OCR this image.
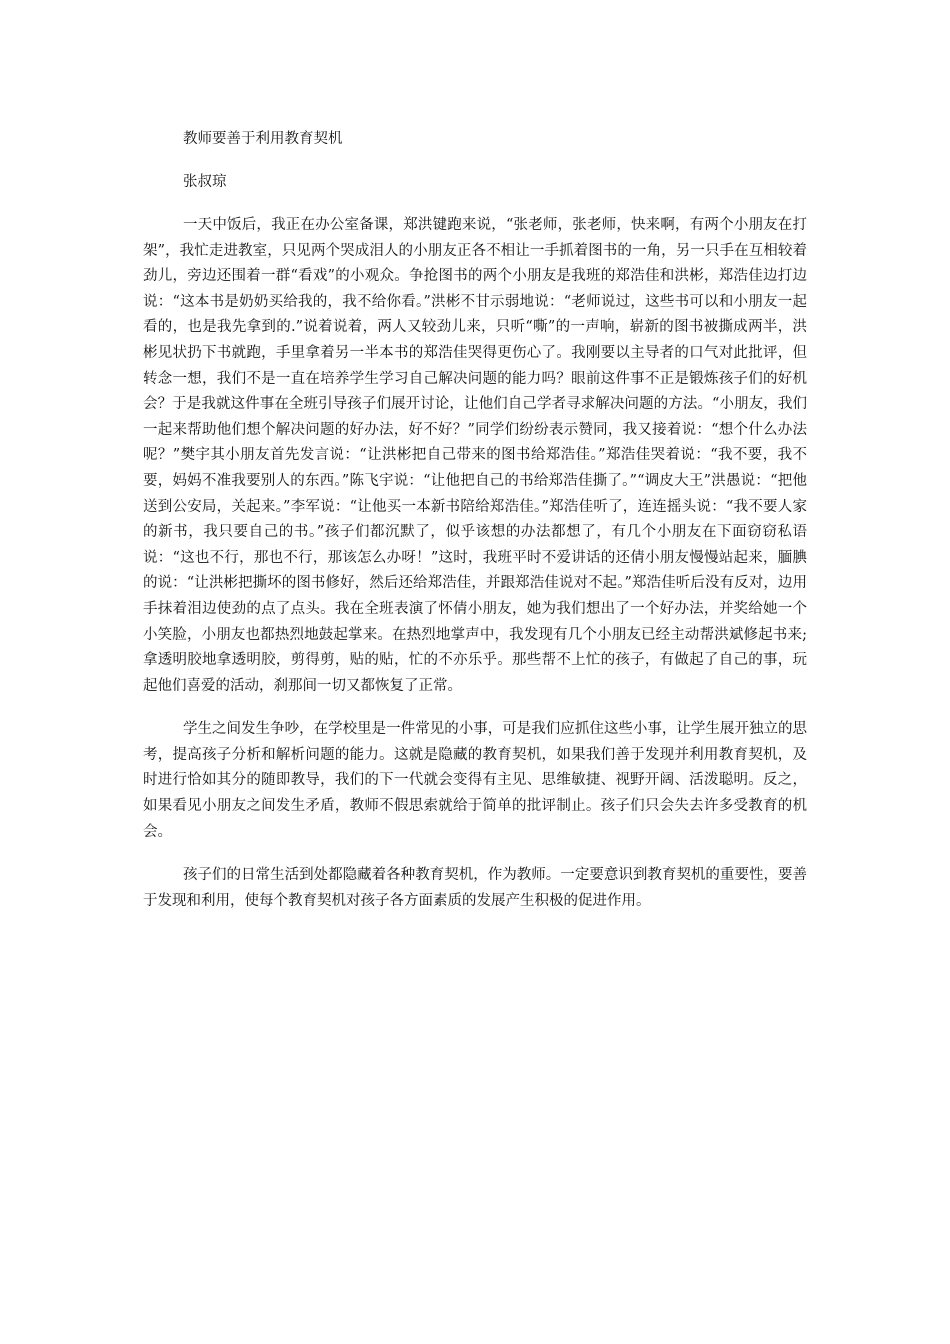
教师要善于利用教育契机
张叔琼

一天中饭后，我正在办公室备课，郑洪键跑来说，“张老师，张老师，快来啊，有两个小朋友在打架”，我忙走进教室，只见两个哭成泪人的小朋友正各不相让一手抓着图书的一角，另一只手在互相较着劲儿，旁边还围着一群“看戏”的小观众。争抢图书的两个小朋友是我班的郑浩佳和洪彬，郑浩佳边打边说：“这本书是奶奶买给我的，我不给你看。”洪彬不甘示弱地说：“老师说过，这些书可以和小朋友一起看的，也是我先拿到的.”说着说着，两人又较劲儿来，只听“嘶”的一声响，崭新的图书被撕成两半，洪彬见状扔下书就跑，手里拿着另一半本书的郑浩佳哭得更伤心了。我刚要以主导者的口气对此批评，但转念一想，我们不是一直在培养学生学习自己解决问题的能力吗？眼前这件事不正是锻炼孩子们的好机会？于是我就这件事在全班引导孩子们展开讨论，让他们自己学者寻求解决问题的方法。“小朋友，我们一起来帮助他们想个解决问题的好办法，好不好？”同学们纷纷表示赞同，我又接着说：“想个什么办法呢？”樊宇其小朋友首先发言说：“让洪彬把自己带来的图书给郑浩佳。”郑浩佳哭着说：“我不要，我不要，妈妈不准我要别人的东西。”陈飞宇说：“让他把自己的书给郑浩佳撕了。”“调皮大王”洪愚说：“把他送到公安局，关起来。”李军说：“让他买一本新书陪给郑浩佳。”郑浩佳听了，连连摇头说：“我不要人家的新书，我只要自己的书。”孩子们都沉默了，似乎该想的办法都想了，有几个小朋友在下面窃窃私语说：“这也不行，那也不行，那该怎么办呀！”这时，我班平时不爱讲话的还倩小朋友慢慢站起来，腼腆的说：“让洪彬把撕坏的图书修好，然后还给郑浩佳，并跟郑浩佳说对不起。”郑浩佳听后没有反对，边用手抹着泪边使劲的点了点头。我在全班表演了怀倩小朋友，她为我们想出了一个好办法，并奖给她一个小笑脸，小朋友也都热烈地鼓起掌来。在热烈地掌声中，我发现有几个小朋友已经主动帮洪斌修起书来;拿透明胶地拿透明胶，剪得剪，贴的贴，忙的不亦乐乎。那些帮不上忙的孩子，有做起了自己的事，玩起他们喜爱的活动，刹那间一切又都恢复了正常。

学生之间发生争吵，在学校里是一件常见的小事，可是我们应抓住这些小事，让学生展开独立的思考，提高孩子分析和解析问题的能力。这就是隐藏的教育契机，如果我们善于发现并利用教育契机，及时进行恰如其分的随即教导，我们的下一代就会变得有主见、思维敏捷、视野开阔、活泼聪明。反之，如果看见小朋友之间发生矛盾，教师不假思索就给于简单的批评制止。孩子们只会失去许多受教育的机会。

孩子们的日常生活到处都隐藏着各种教育契机，作为教师。一定要意识到教育契机的重要性，要善于发现和利用，使每个教育契机对孩子各方面素质的发展产生积极的促进作用。
